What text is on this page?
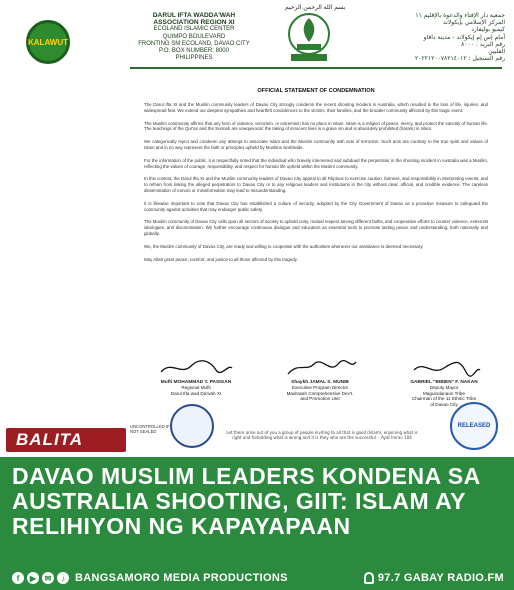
KALAWUT
بسم الله الرحمن الرحيم
DARUL IFTA WADDA'WAH
ASSOCIATION REGION XI
ECOLAND ISLAMIC CENTER
QUIMPO BOULEVARD
FRONTING SM ECOLAND, DAVAO CITY
P.O. BOX NUMBER: 8000
PHILIPPINES
جمعية دار الإفتاء والدعوة بالإقليم ١١
المركز الإسلامي بإيكولاند
كيمبو بوليفارد
أمام إس إم إيكولاند - مدينة دافاو
رقم البريد : ٨٠٠٠
الفلبين
رقم التسجيل : ٢٠٢٢١٢٠٠٧٨٢١٤٠١٢
OFFICIAL STATEMENT OF CONDEMNATION

The Darul Ifta XI and the Muslim community leaders of Davao City strongly condemn the recent shooting incident in Australia, which resulted in the loss of life, injuries, and widespread fear. We extend our deepest sympathies and heartfelt condolences to the victims, their families, and the broader community affected by this tragic event.

The Muslim community affirms that any form of violence, terrorism, or extremism has no place in Islam. Islam is a religion of peace, mercy, and protect the sanctity of human life. The teachings of the Qur'an and the Sunnah are unequivocal: the taking of innocent lives is a grave sin and is absolutely prohibited (haram) in Islam.

We categorically reject and condemn any attempt to associate Islam and the Muslim community with acts of terrorism. Such acts are contrary to the true spirit and values of Islam and in no way represent the faith or principles upheld by Muslims worldwide.

For the information of the public, it is respectfully noted that the individual who bravely intervened and subdued the perpetrator in the shooting incident in Australia was a Muslim, reflecting the values of courage, responsibility, and respect for human life upheld within the Muslim community.

In this context, the Darul Ifta XI and the Muslim community leaders of Davao City appeal to all Filipinos to exercise caution, fairness, and responsibility in interpreting events, and to refrain from linking the alleged perpetrators to Davao City or to any religious leaders and institutions in the city without clear, official, and credible evidence. The careless dissemination of rumors or misinformation may lead to misunderstanding.

It is likewise important to note that Davao City has established a culture of security, adopted by the City Government of Davao as a proactive measure to safeguard the community against activities that may endanger public safety.

The Muslim community of Davao City calls upon all sectors of society to uphold unity, mutual respect among different faiths, and cooperative efforts to counter violence, extremist ideologies, and discrimination. We further encourage continuous dialogue and education as essential tools to promote lasting peace and understanding, both nationally and globally.

We, the Muslim community of Davao City, are ready and willing to cooperate with the authorities whenever our assistance is deemed necessary.

May Allah grant peace, comfort, and justice to all those affected by this tragedy.

Mufti MOHAMMAD Y. PASIGAN
Regional Mufti
Darul Ifta wad Da'wah XI
Shaykh JAMAL S. MUNIB
Executive Program Director
Madrasah Comprehensive Dev't.
and Promotion Unit
GABRIEL "BIBIEN" F. NAKAN
Deputy Mayor
Maguindanaon Tribe
Chairman of the 11 Ethnic Tribe
of Davao City
UNCONTROLLED IF NOT SEALED	Let there arise out of you a group of people inviting to all that is good (Islam), enjoining what is right and forbidding what is wrong and it is they who are the successful. - Ayat Imran 104
RELEASED
BALITA
DAVAO MUSLIM LEADERS KONDENA SA AUSTRALIA SHOOTING, GIIT: ISLAM AY RELIHIYON NG KAPAYAPAAN
f	▶	✉	♪ BANGSAMORO MEDIA PRODUCTIONS	97.7 GABAY RADIO.FM
